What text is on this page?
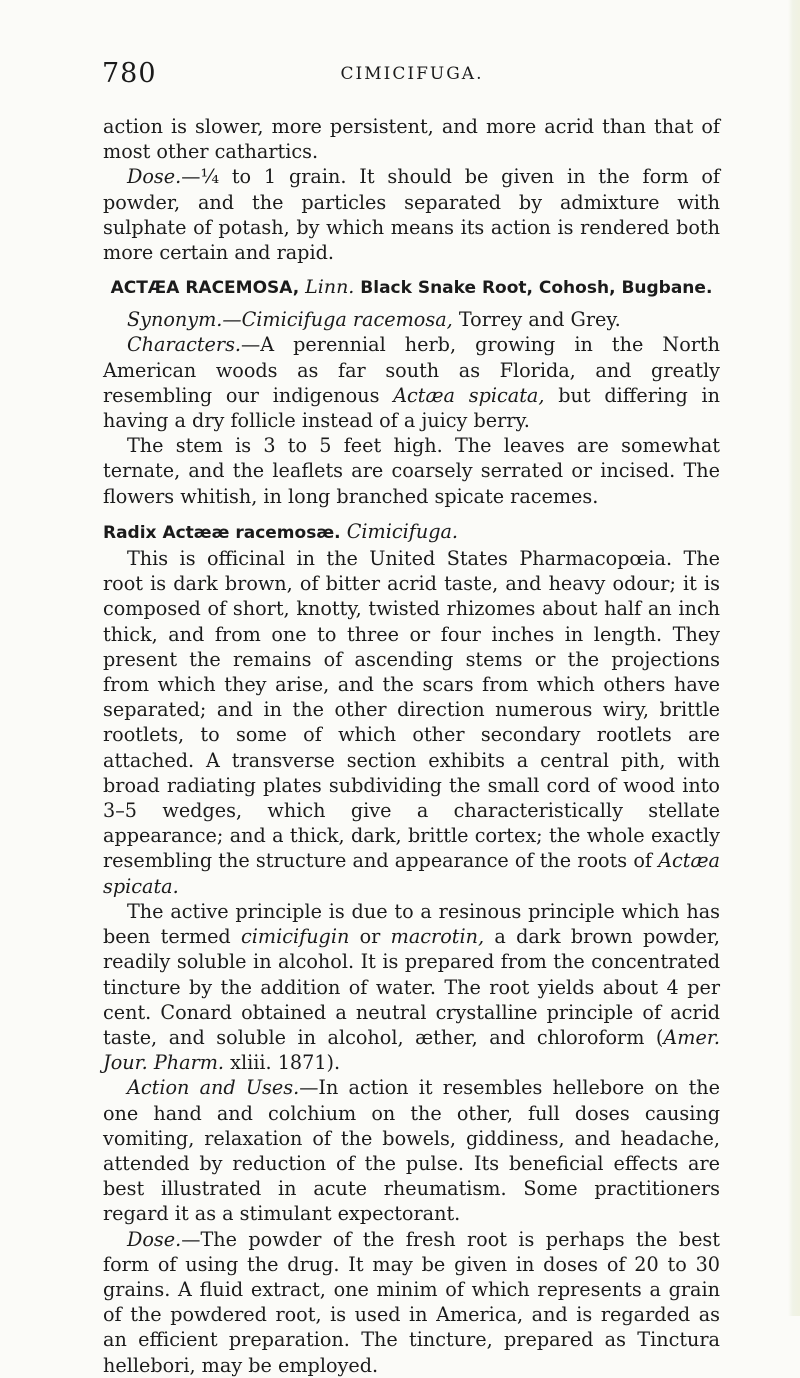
780	CIMICIFUGA.

action is slower, more persistent, and more acrid than that of most other cathartics.

Dose.—¼ to 1 grain. It should be given in the form of powder, and the particles separated by admixture with sulphate of potash, by which means its action is rendered both more certain and rapid.

ACTÆA RACEMOSA, Linn. Black Snake Root, Cohosh, Bugbane.

Synonym.—Cimicifuga racemosa, Torrey and Grey.

Characters.—A perennial herb, growing in the North American woods as far south as Florida, and greatly resembling our indigenous Actæa spicata, but differing in having a dry follicle instead of a juicy berry.

The stem is 3 to 5 feet high. The leaves are somewhat ternate, and the leaflets are coarsely serrated or incised. The flowers whitish, in long branched spicate racemes.

Radix Actææ racemosæ. Cimicifuga.

This is officinal in the United States Pharmacopœia. The root is dark brown, of bitter acrid taste, and heavy odour; it is composed of short, knotty, twisted rhizomes about half an inch thick, and from one to three or four inches in length. They present the remains of ascending stems or the projections from which they arise, and the scars from which others have separated; and in the other direction numerous wiry, brittle rootlets, to some of which other secondary rootlets are attached. A transverse section exhibits a central pith, with broad radiating plates subdividing the small cord of wood into 3–5 wedges, which give a characteristically stellate appearance; and a thick, dark, brittle cortex; the whole exactly resembling the structure and appearance of the roots of Actæa spicata.

The active principle is due to a resinous principle which has been termed cimicifugin or macrotin, a dark brown powder, readily soluble in alcohol. It is prepared from the concentrated tincture by the addition of water. The root yields about 4 per cent. Conard obtained a neutral crystalline principle of acrid taste, and soluble in alcohol, æther, and chloroform (Amer. Jour. Pharm. xliii. 1871).

Action and Uses.—In action it resembles hellebore on the one hand and colchium on the other, full doses causing vomiting, relaxation of the bowels, giddiness, and headache, attended by reduction of the pulse. Its beneficial effects are best illustrated in acute rheumatism. Some practitioners regard it as a stimulant expectorant.

Dose.—The powder of the fresh root is perhaps the best form of using the drug. It may be given in doses of 20 to 30 grains. A fluid extract, one minim of which represents a grain of the powdered root, is used in America, and is regarded as an efficient preparation. The tincture, prepared as Tinctura hellebori, may be employed.
